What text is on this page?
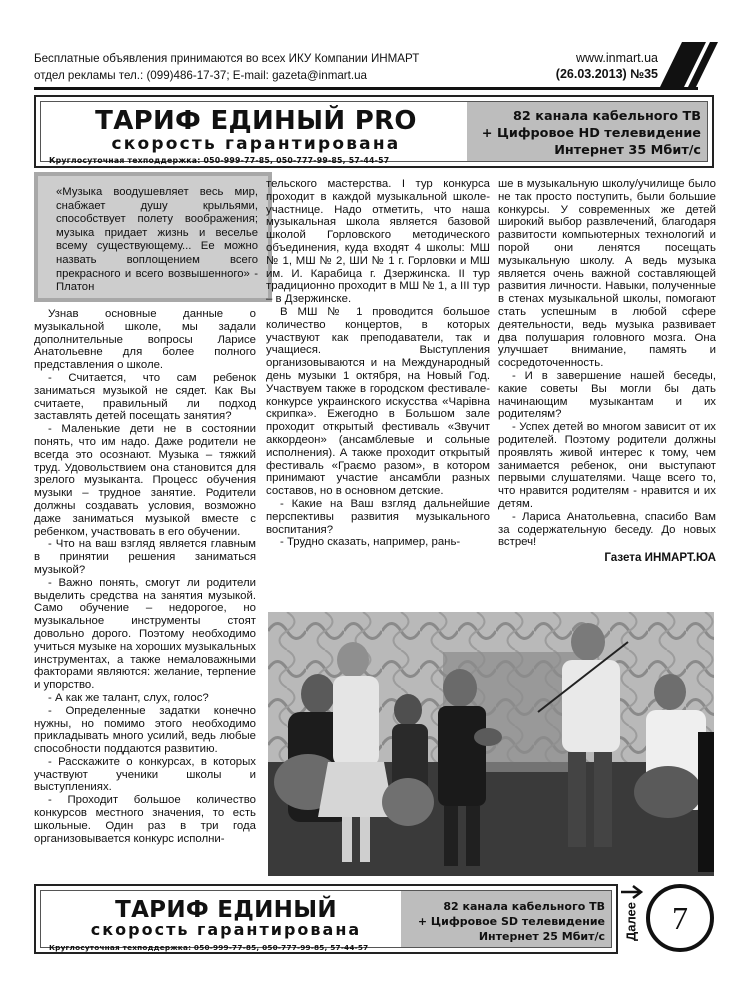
Бесплатные объявления принимаются во всех ИКУ Компании ИНМАРТ
отдел рекламы тел.: (099)486-17-37; E-mail: gazeta@inmart.ua
www.inmart.ua
(26.03.2013) №35
ТАРИФ ЕДИНЫЙ PRO
скорость гарантирована
Круглосуточная техподдержка: 050-999-77-85, 050-777-99-85, 57-44-57
82 канала кабельного ТВ
+ Цифровое HD телевидение
Интернет 35 Мбит/с
«Музыка воодушевляет весь мир, снабжает душу крыльями, способствует полету воображения; музыка придает жизнь и веселье всему существующему... Ее можно назвать воплощением всего прекрасного и всего возвышенного» - Платон

Узнав основные данные о музыкальной школе, мы задали дополнительные вопросы Ларисе Анатольевне для более полного представления о школе.

- Считается, что сам ребенок заниматься музыкой не сядет. Как Вы считаете, правильный ли подход заставлять детей посещать занятия?

- Маленькие дети не в состоянии понять, что им надо. Даже родители не всегда это осознают. Музыка – тяжкий труд. Удовольствием она становится для зрелого музыканта. Процесс обучения музыки – трудное занятие. Родители должны создавать условия, возможно даже заниматься музыкой вместе с ребенком, участвовать в его обучении.

- Что на ваш взгляд является главным в принятии решения заниматься музыкой?

- Важно понять, смогут ли родители выделить средства на занятия музыкой. Само обучение – недорогое, но музыкальное инструменты стоят довольно дорого. Поэтому необходимо учиться музыке на хороших музыкальных инструментах, а также немаловажными факторами являются: желание, терпение и упорство.

- А как же талант, слух, голос?

- Определенные задатки конечно нужны, но помимо этого необходимо прикладывать много усилий, ведь любые способности поддаются развитию.

- Расскажите о конкурсах, в которых участвуют ученики школы и выступлениях.

- Проходит большое количество конкурсов местного значения, то есть школьные. Один раз в три года организовывается конкурс исполни-

тельского мастерства. I тур конкурса проходит в каждой музыкальной школе-участнице. Надо отметить, что наша музыкальная школа является базовой школой Горловского методического объединения, куда входят 4 школы: МШ № 1, МШ № 2, ШИ № 1 г. Горловки и МШ им. И. Карабица г. Дзержинска. II тур традиционно проходит в МШ № 1, а III тур – в Дзержинске.

В МШ № 1 проводится большое количество концертов, в которых участвуют как преподаватели, так и учащиеся. Выступления организовываются и на Международный день музыки 1 октября, на Новый Год. Участвуем также в городском фестивале-конкурсе украинского искусства «Чарівна скрипка». Ежегодно в Большом зале проходит открытый фестиваль «Звучит аккордеон» (ансамблевые и сольные исполнения). А также проходит открытый фестиваль «Граємо разом», в котором принимают участие ансамбли разных составов, но в основном детские.

- Какие на Ваш взгляд дальнейшие перспективы развития музыкального воспитания?

- Трудно сказать, например, рань-

ше в музыкальную школу/училище было не так просто поступить, были большие конкурсы. У современных же детей широкий выбор развлечений, благодаря развитости компьютерных технологий и порой они ленятся посещать музыкальную школу. А ведь музыка является очень важной составляющей развития личности. Навыки, полученные в стенах музыкальной школы, помогают стать успешным в любой сфере деятельности, ведь музыка развивает два полушария головного мозга. Она улучшает внимание, память и сосредоточенность.

- И в завершение нашей беседы, какие советы Вы могли бы дать начинающим музыкантам и их родителям?

- Успех детей во многом зависит от их родителей. Поэтому родители должны проявлять живой интерес к тому, чем занимается ребенок, они выступают первыми слушателями. Чаще всего то, что нравится родителям - нравится и их детям.

- Лариса Анатольевна, спасибо Вам за содержательную беседу. До новых встреч!

Газета ИНМАРТ.ЮА

ТАРИФ ЕДИНЫЙ
скорость гарантирована
Круглосуточная техподдержка: 050-999-77-85, 050-777-99-85, 57-44-57
82 канала кабельного ТВ
+ Цифровое SD телевидение
Интернет 25 Мбит/с Далее	7
